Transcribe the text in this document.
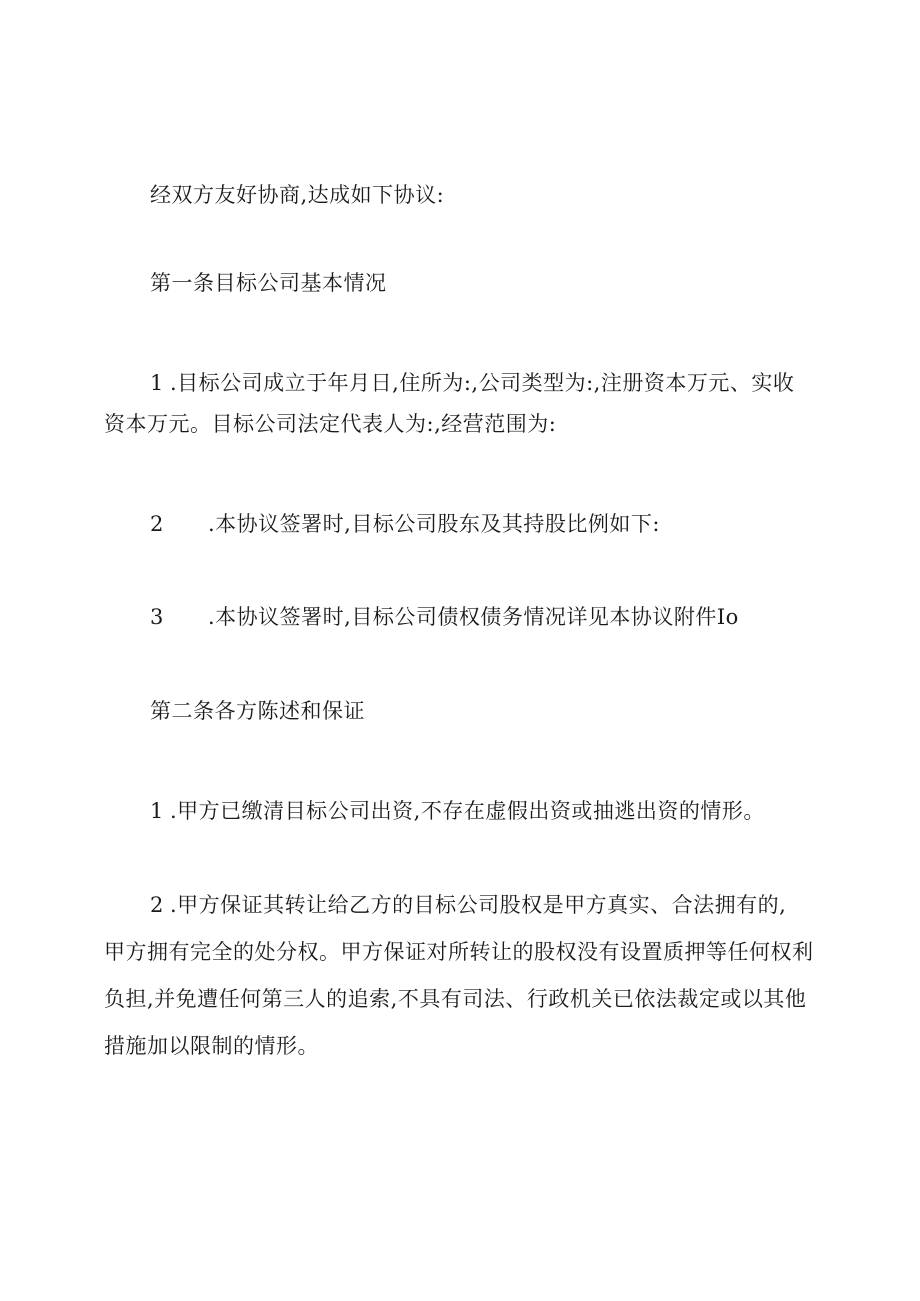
经双方友好协商,达成如下协议:
第一条目标公司基本情况
1 .目标公司成立于年月日,住所为:,公司类型为:,注册资本万元、实收
资本万元。目标公司法定代表人为:,经营范围为:
2 .本协议签署时,目标公司股东及其持股比例如下:
3 .本协议签署时,目标公司债权债务情况详见本协议附件Io
第二条各方陈述和保证
1 .甲方已缴清目标公司出资,不存在虚假出资或抽逃出资的情形。
2 .甲方保证其转让给乙方的目标公司股权是甲方真实、合法拥有的,
甲方拥有完全的处分权。甲方保证对所转让的股权没有设置质押等任何权利
负担,并免遭任何第三人的追索,不具有司法、行政机关已依法裁定或以其他
措施加以限制的情形。
